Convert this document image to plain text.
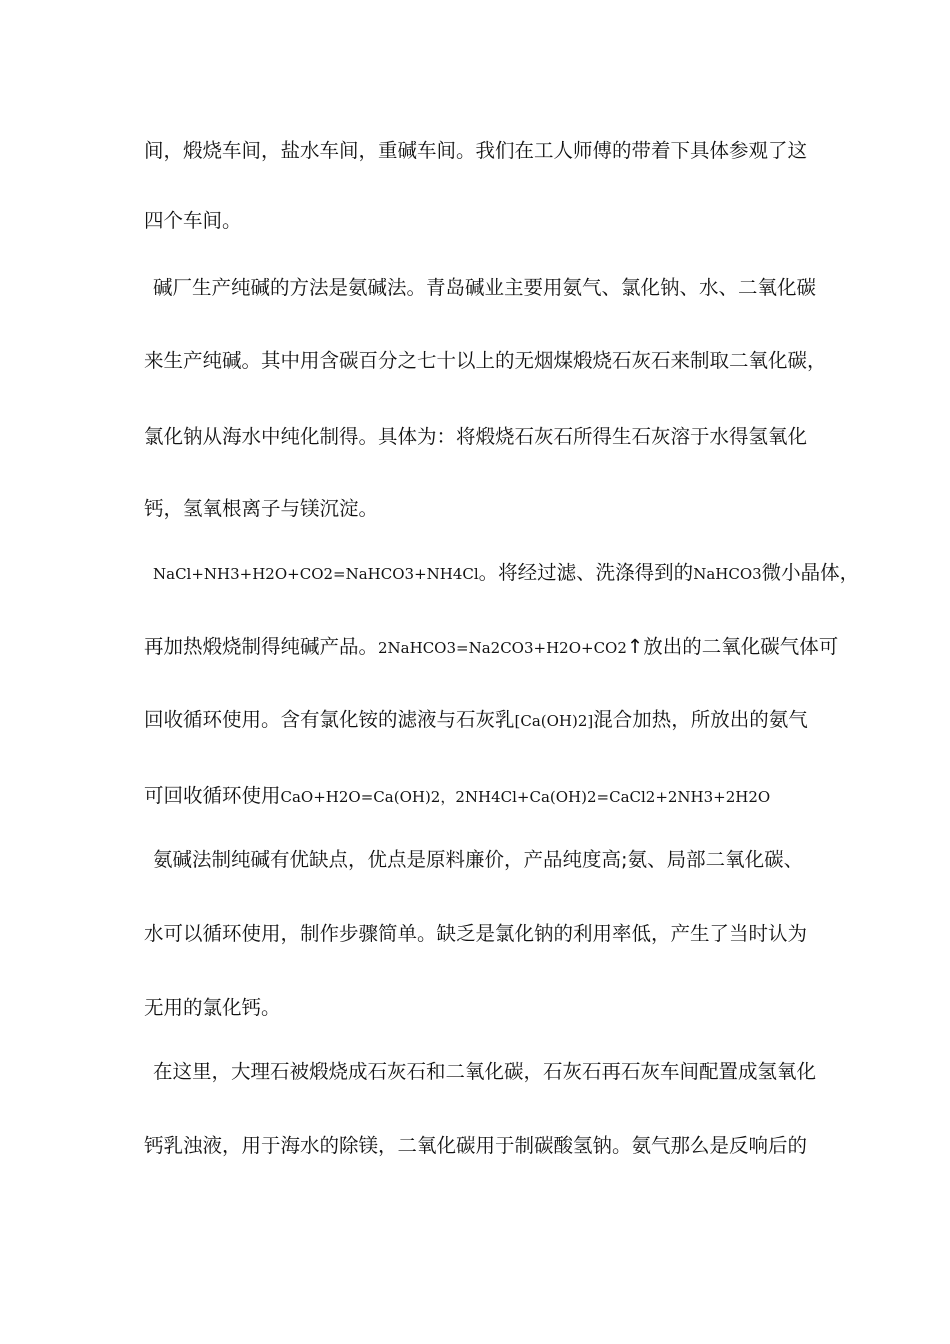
间，煅烧车间，盐水车间，重碱车间。我们在工人师傅的带着下具体参观了这
四个车间。
碱厂生产纯碱的方法是氨碱法。青岛碱业主要用氨气、氯化钠、水、二氧化碳
来生产纯碱。其中用含碳百分之七十以上的无烟煤煅烧石灰石来制取二氧化碳，
氯化钠从海水中纯化制得。具体为：将煅烧石灰石所得生石灰溶于水得氢氧化
钙，氢氧根离子与镁沉淀。
NaCl+NH3+H2O+CO2=NaHCO3+NH4Cl。将经过滤、洗涤得到的NaHCO3微小晶体，
再加热煅烧制得纯碱产品。2NaHCO3=Na2CO3+H2O+CO2↑放出的二氧化碳气体可
回收循环使用。含有氯化铵的滤液与石灰乳[Ca(OH)2]混合加热，所放出的氨气
可回收循环使用CaO+H2O=Ca(OH)2，2NH4Cl+Ca(OH)2=CaCl2+2NH3+2H2O
氨碱法制纯碱有优缺点，优点是原料廉价，产品纯度高;氨、局部二氧化碳、
水可以循环使用，制作步骤简单。缺乏是氯化钠的利用率低，产生了当时认为
无用的氯化钙。
在这里，大理石被煅烧成石灰石和二氧化碳，石灰石再石灰车间配置成氢氧化
钙乳浊液，用于海水的除镁，二氧化碳用于制碳酸氢钠。氨气那么是反响后的
